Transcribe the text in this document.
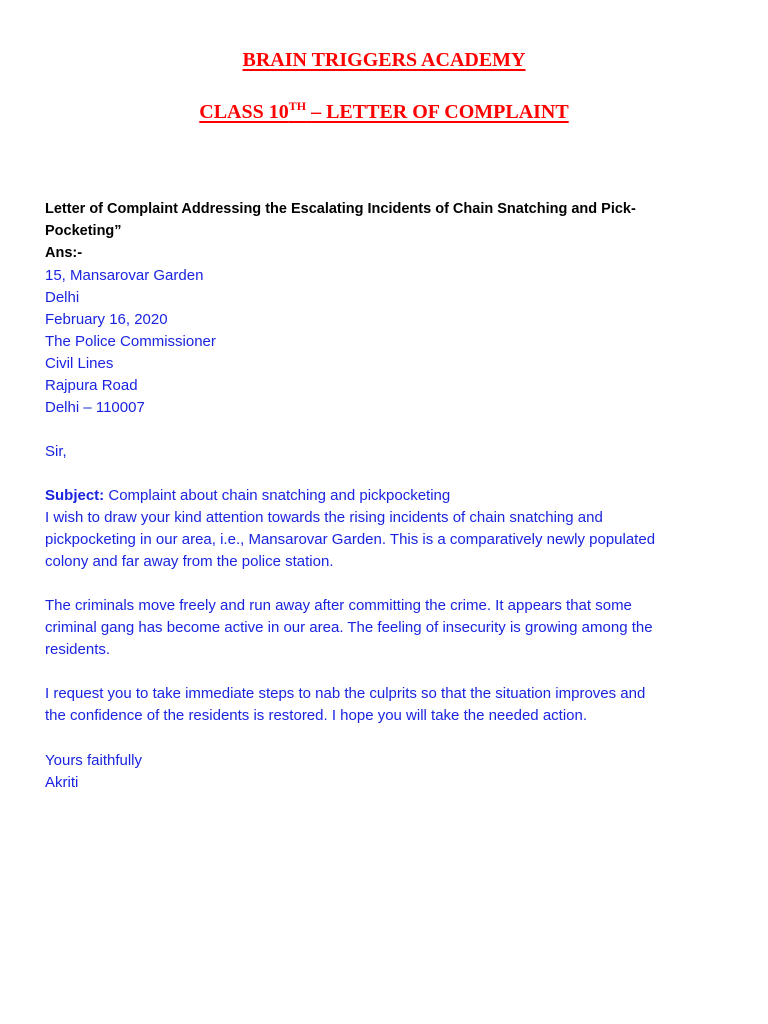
BRAIN TRIGGERS ACADEMY
CLASS 10TH – LETTER OF COMPLAINT
Letter of Complaint Addressing the Escalating Incidents of Chain Snatching and Pick-
Pocketing”
Ans:-
15, Mansarovar Garden
Delhi
February 16, 2020
The Police Commissioner
Civil Lines
Rajpura Road
Delhi – 110007
Sir,
Subject: Complaint about chain snatching and pickpocketing
I wish to draw your kind attention towards the rising incidents of chain snatching and
pickpocketing in our area, i.e., Mansarovar Garden. This is a comparatively newly populated
colony and far away from the police station.
The criminals move freely and run away after committing the crime. It appears that some
criminal gang has become active in our area. The feeling of insecurity is growing among the
residents.
I request you to take immediate steps to nab the culprits so that the situation improves and
the confidence of the residents is restored. I hope you will take the needed action.
Yours faithfully
Akriti
